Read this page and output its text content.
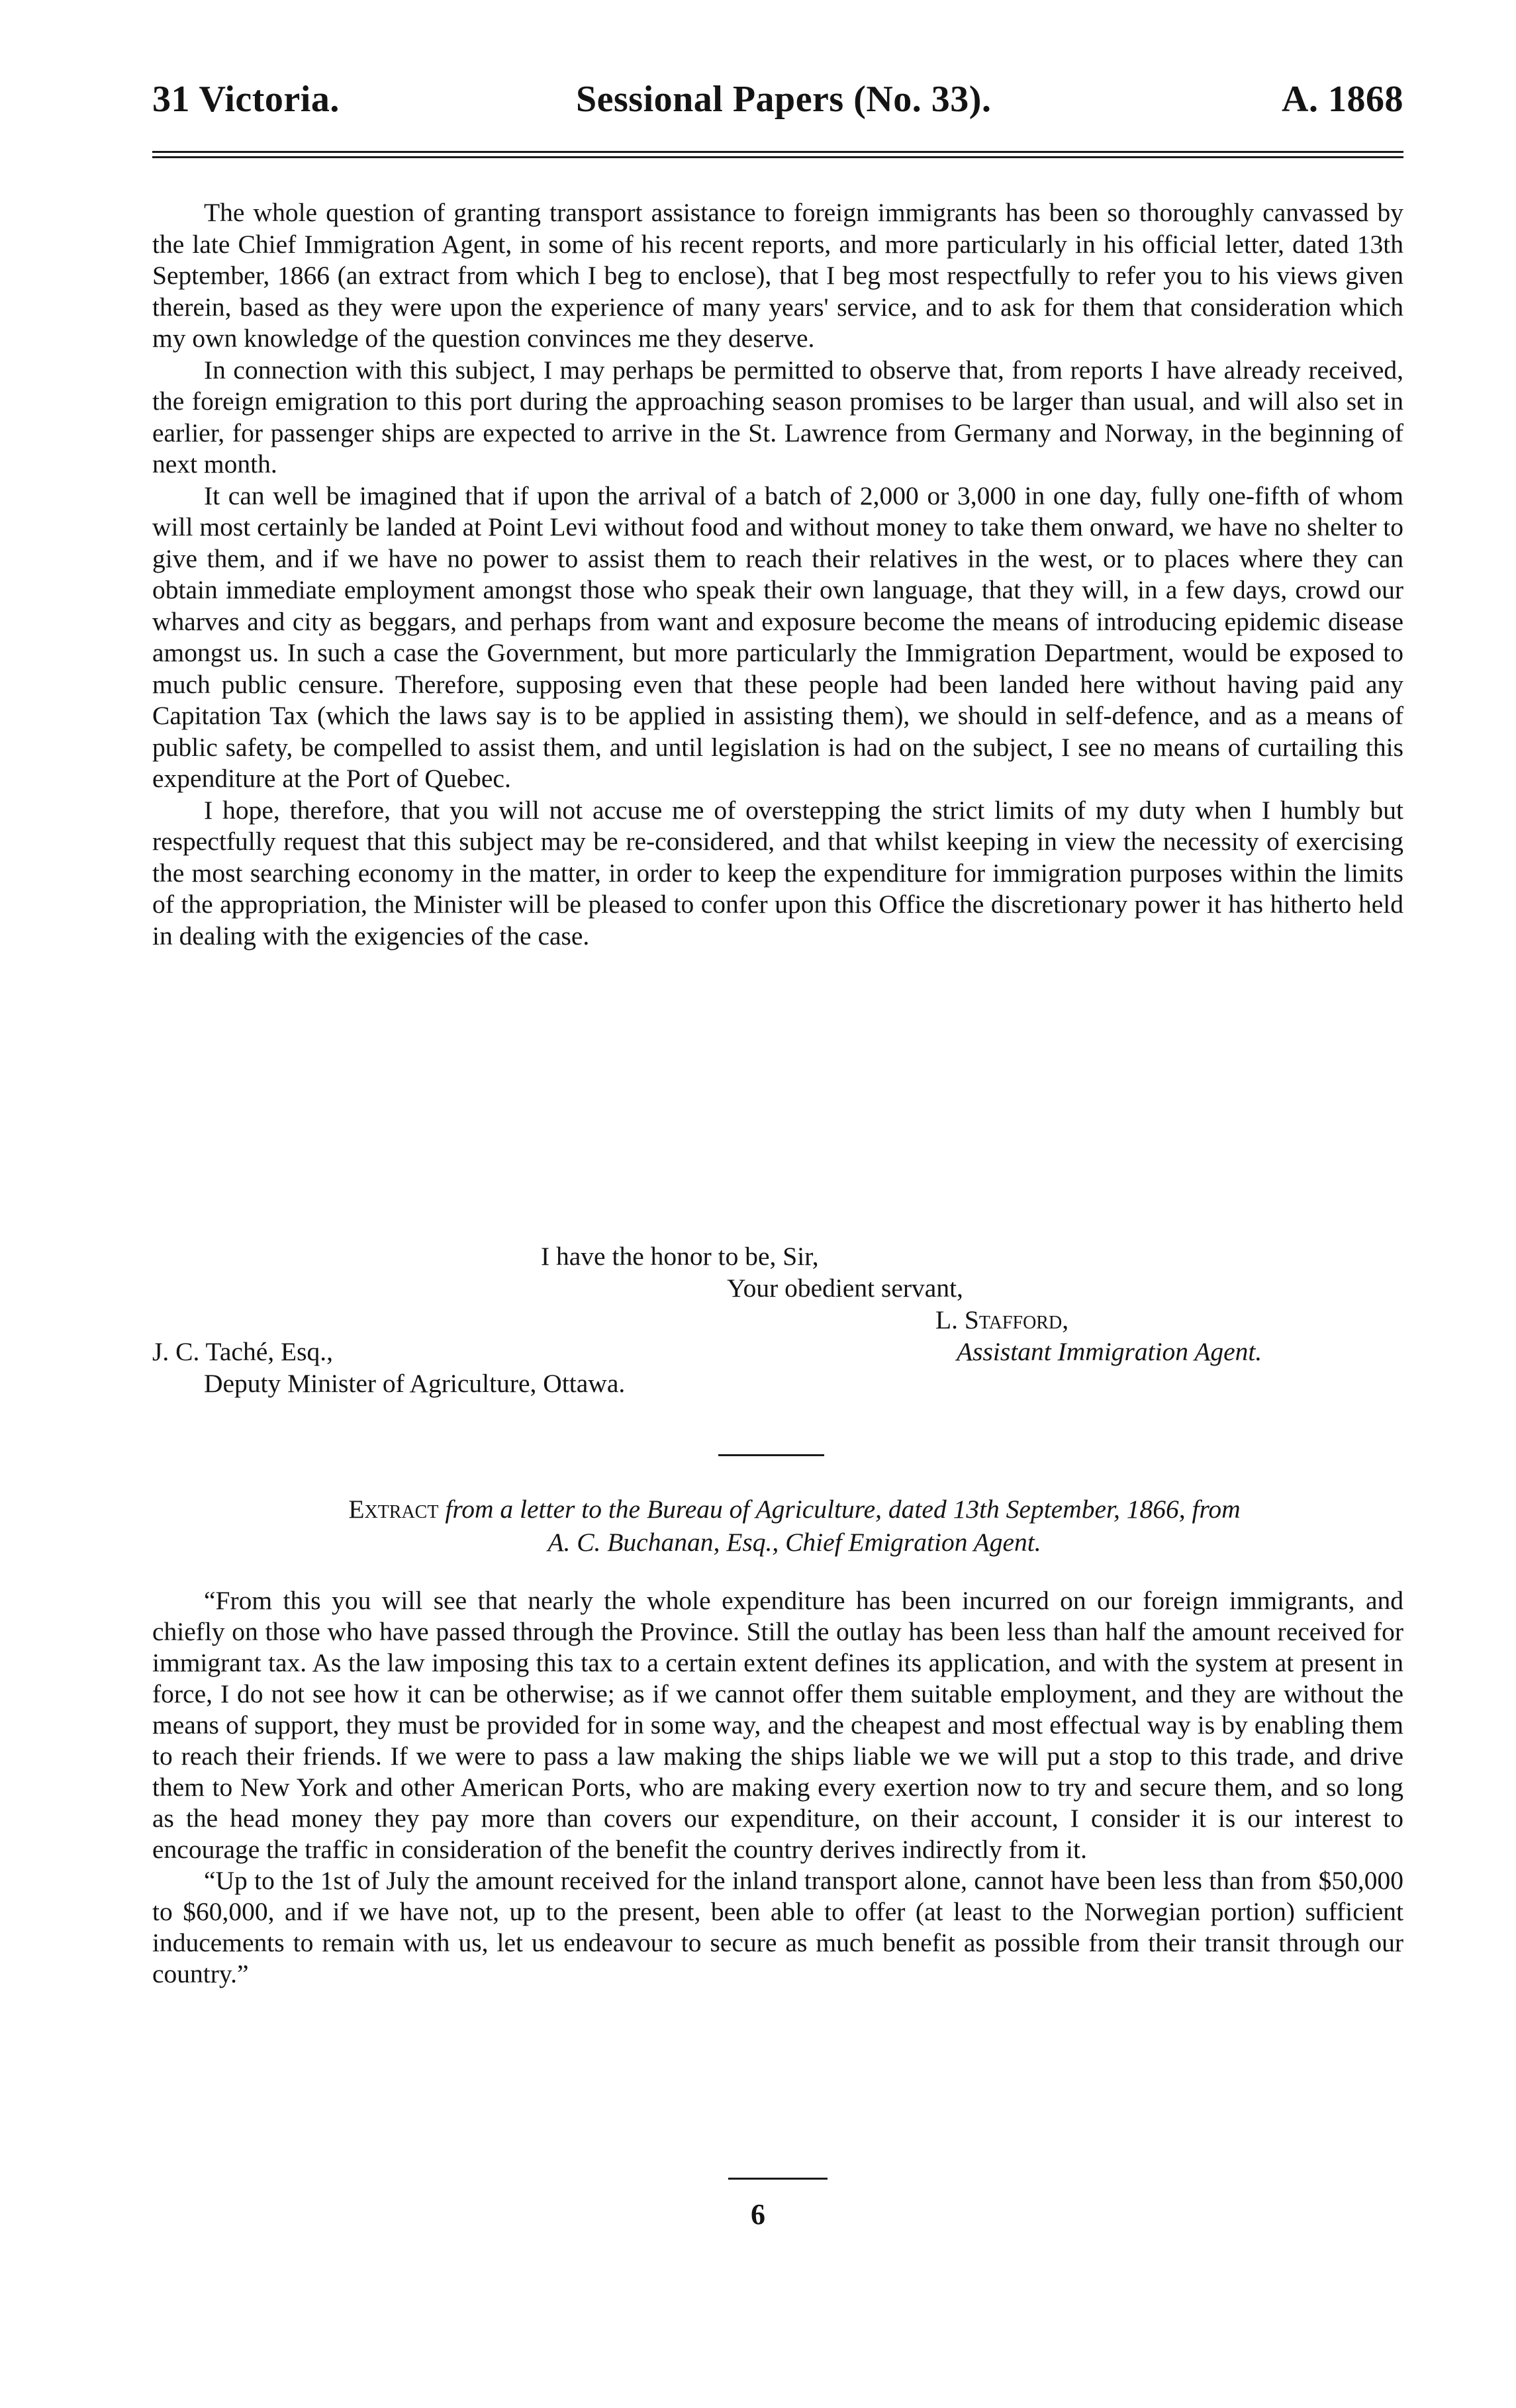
31 Victoria.	Sessional Papers (No. 33).	A. 1868

The whole question of granting transport assistance to foreign immigrants has been so thoroughly canvassed by the late Chief Immigration Agent, in some of his recent reports, and more particularly in his official letter, dated 13th September, 1866 (an extract from which I beg to enclose), that I beg most respectfully to refer you to his views given therein, based as they were upon the experience of many years' service, and to ask for them that consideration which my own knowledge of the question convinces me they deserve.

In connection with this subject, I may perhaps be permitted to observe that, from reports I have already received, the foreign emigration to this port during the approaching season promises to be larger than usual, and will also set in earlier, for passenger ships are expected to arrive in the St. Lawrence from Germany and Norway, in the beginning of next month.

It can well be imagined that if upon the arrival of a batch of 2,000 or 3,000 in one day, fully one-fifth of whom will most certainly be landed at Point Levi without food and without money to take them onward, we have no shelter to give them, and if we have no power to assist them to reach their relatives in the west, or to places where they can obtain immediate employment amongst those who speak their own language, that they will, in a few days, crowd our wharves and city as beggars, and perhaps from want and exposure become the means of introducing epidemic disease amongst us. In such a case the Government, but more particularly the Immigration Department, would be exposed to much public censure. Therefore, supposing even that these people had been landed here without having paid any Capitation Tax (which the laws say is to be applied in assisting them), we should in self-defence, and as a means of public safety, be compelled to assist them, and until legislation is had on the subject, I see no means of curtailing this expenditure at the Port of Quebec.

I hope, therefore, that you will not accuse me of overstepping the strict limits of my duty when I humbly but respectfully request that this subject may be re-considered, and that whilst keeping in view the necessity of exercising the most searching economy in the matter, in order to keep the expenditure for immigration purposes within the limits of the appropriation, the Minister will be pleased to confer upon this Office the discretionary power it has hitherto held in dealing with the exigencies of the case.

I have the honor to be, Sir,
Your obedient servant,
L. Stafford,
J. C. Taché, Esq.,	Assistant Immigration Agent.
Deputy Minister of Agriculture, Ottawa.
Extract from a letter to the Bureau of Agriculture, dated 13th September, 1866, from
A. C. Buchanan, Esq., Chief Emigration Agent.

“From this you will see that nearly the whole expenditure has been incurred on our foreign immigrants, and chiefly on those who have passed through the Province. Still the outlay has been less than half the amount received for immigrant tax. As the law imposing this tax to a certain extent defines its application, and with the system at present in force, I do not see how it can be otherwise; as if we cannot offer them suitable employment, and they are without the means of support, they must be provided for in some way, and the cheapest and most effectual way is by enabling them to reach their friends. If we were to pass a law making the ships liable we we will put a stop to this trade, and drive them to New York and other American Ports, who are making every exertion now to try and secure them, and so long as the head money they pay more than covers our expenditure, on their account, I consider it is our interest to encourage the traffic in consideration of the benefit the country derives indirectly from it.

“Up to the 1st of July the amount received for the inland transport alone, cannot have been less than from $50,000 to $60,000, and if we have not, up to the present, been able to offer (at least to the Norwegian portion) sufficient inducements to remain with us, let us endeavour to secure as much benefit as possible from their transit through our country.”

6
